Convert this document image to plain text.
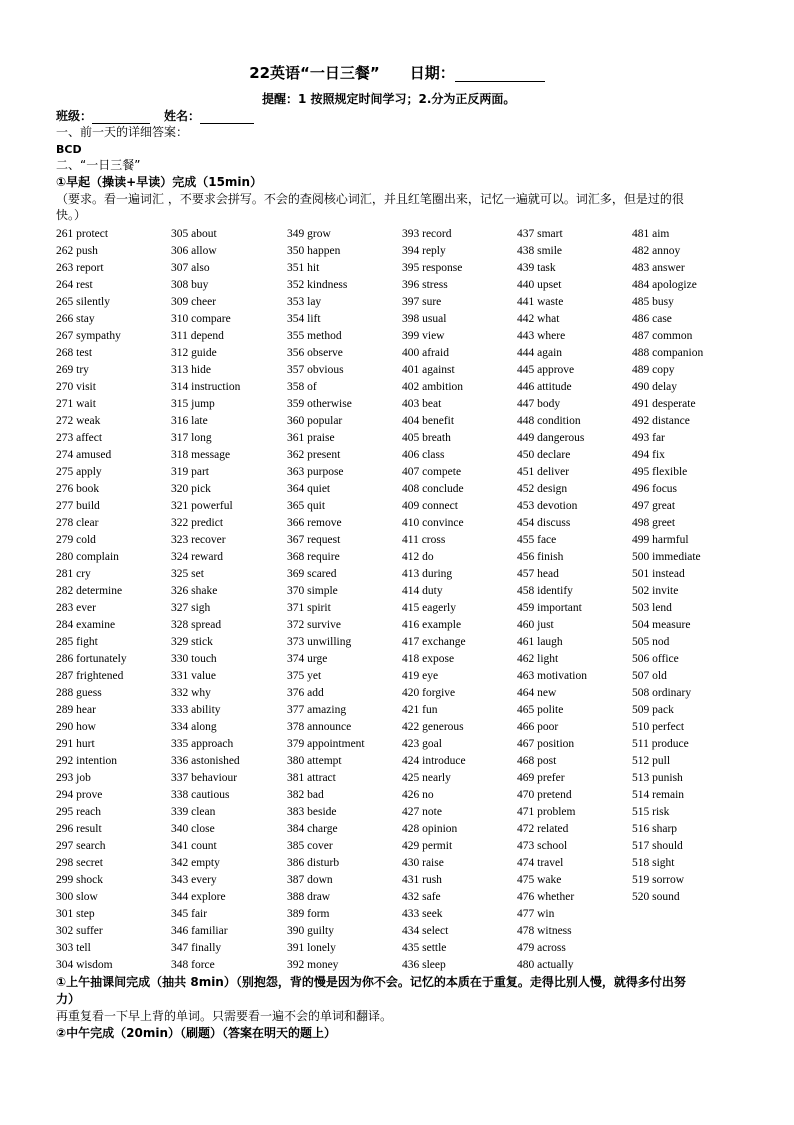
22英语“一日三餐” 日期：
提醒：1 按照规定时间学习；2.分为正反两面。
班级：	姓名：
一、前一天的详细答案：
BCD
二、“一日三餐”
①早起（操读+早读）完成（15min）
（要求。看一遍词汇 ，不要求会拼写。不会的查阅核心词汇，并且红笔圈出来，记忆一遍就可以。词汇多，但是过的很
快。）
261 protect
262 push
263 report
264 rest
265 silently
266 stay
267 sympathy
268 test
269 try
270 visit
271 wait
272 weak
273 affect
274 amused
275 apply
276 book
277 build
278 clear
279 cold
280 complain
281 cry
282 determine
283 ever
284 examine
285 fight
286 fortunately
287 frightened
288 guess
289 hear
290 how
291 hurt
292 intention
293 job
294 prove
295 reach
296 result
297 search
298 secret
299 shock
300 slow
301 step
302 suffer
303 tell
304 wisdom
305 about
306 allow
307 also
308 buy
309 cheer
310 compare
311 depend
312 guide
313 hide
314 instruction
315 jump
316 late
317 long
318 message
319 part
320 pick
321 powerful
322 predict
323 recover
324 reward
325 set
326 shake
327 sigh
328 spread
329 stick
330 touch
331 value
332 why
333 ability
334 along
335 approach
336 astonished
337 behaviour
338 cautious
339 clean
340 close
341 count
342 empty
343 every
344 explore
345 fair
346 familiar
347 finally
348 force
349 grow
350 happen
351 hit
352 kindness
353 lay
354 lift
355 method
356 observe
357 obvious
358 of
359 otherwise
360 popular
361 praise
362 present
363 purpose
364 quiet
365 quit
366 remove
367 request
368 require
369 scared
370 simple
371 spirit
372 survive
373 unwilling
374 urge
375 yet
376 add
377 amazing
378 announce
379 appointment
380 attempt
381 attract
382 bad
383 beside
384 charge
385 cover
386 disturb
387 down
388 draw
389 form
390 guilty
391 lonely
392 money
393 record
394 reply
395 response
396 stress
397 sure
398 usual
399 view
400 afraid
401 against
402 ambition
403 beat
404 benefit
405 breath
406 class
407 compete
408 conclude
409 connect
410 convince
411 cross
412 do
413 during
414 duty
415 eagerly
416 example
417 exchange
418 expose
419 eye
420 forgive
421 fun
422 generous
423 goal
424 introduce
425 nearly
426 no
427 note
428 opinion
429 permit
430 raise
431 rush
432 safe
433 seek
434 select
435 settle
436 sleep
437 smart
438 smile
439 task
440 upset
441 waste
442 what
443 where
444 again
445 approve
446 attitude
447 body
448 condition
449 dangerous
450 declare
451 deliver
452 design
453 devotion
454 discuss
455 face
456 finish
457 head
458 identify
459 important
460 just
461 laugh
462 light
463 motivation
464 new
465 polite
466 poor
467 position
468 post
469 prefer
470 pretend
471 problem
472 related
473 school
474 travel
475 wake
476 whether
477 win
478 witness
479 across
480 actually
481 aim
482 annoy
483 answer
484 apologize
485 busy
486 case
487 common
488 companion
489 copy
490 delay
491 desperate
492 distance
493 far
494 fix
495 flexible
496 focus
497 great
498 greet
499 harmful
500 immediate
501 instead
502 invite
503 lend
504 measure
505 nod
506 office
507 old
508 ordinary
509 pack
510 perfect
511 produce
512 pull
513 punish
514 remain
515 risk
516 sharp
517 should
518 sight
519 sorrow
520 sound
①上午抽课间完成（抽共 8min）（别抱怨，背的慢是因为你不会。记忆的本质在于重复。走得比别人慢，就得多付出努
力）
再重复看一下早上背的单词。只需要看一遍不会的单词和翻译。
②中午完成（20min）（刷题）（答案在明天的题上）
